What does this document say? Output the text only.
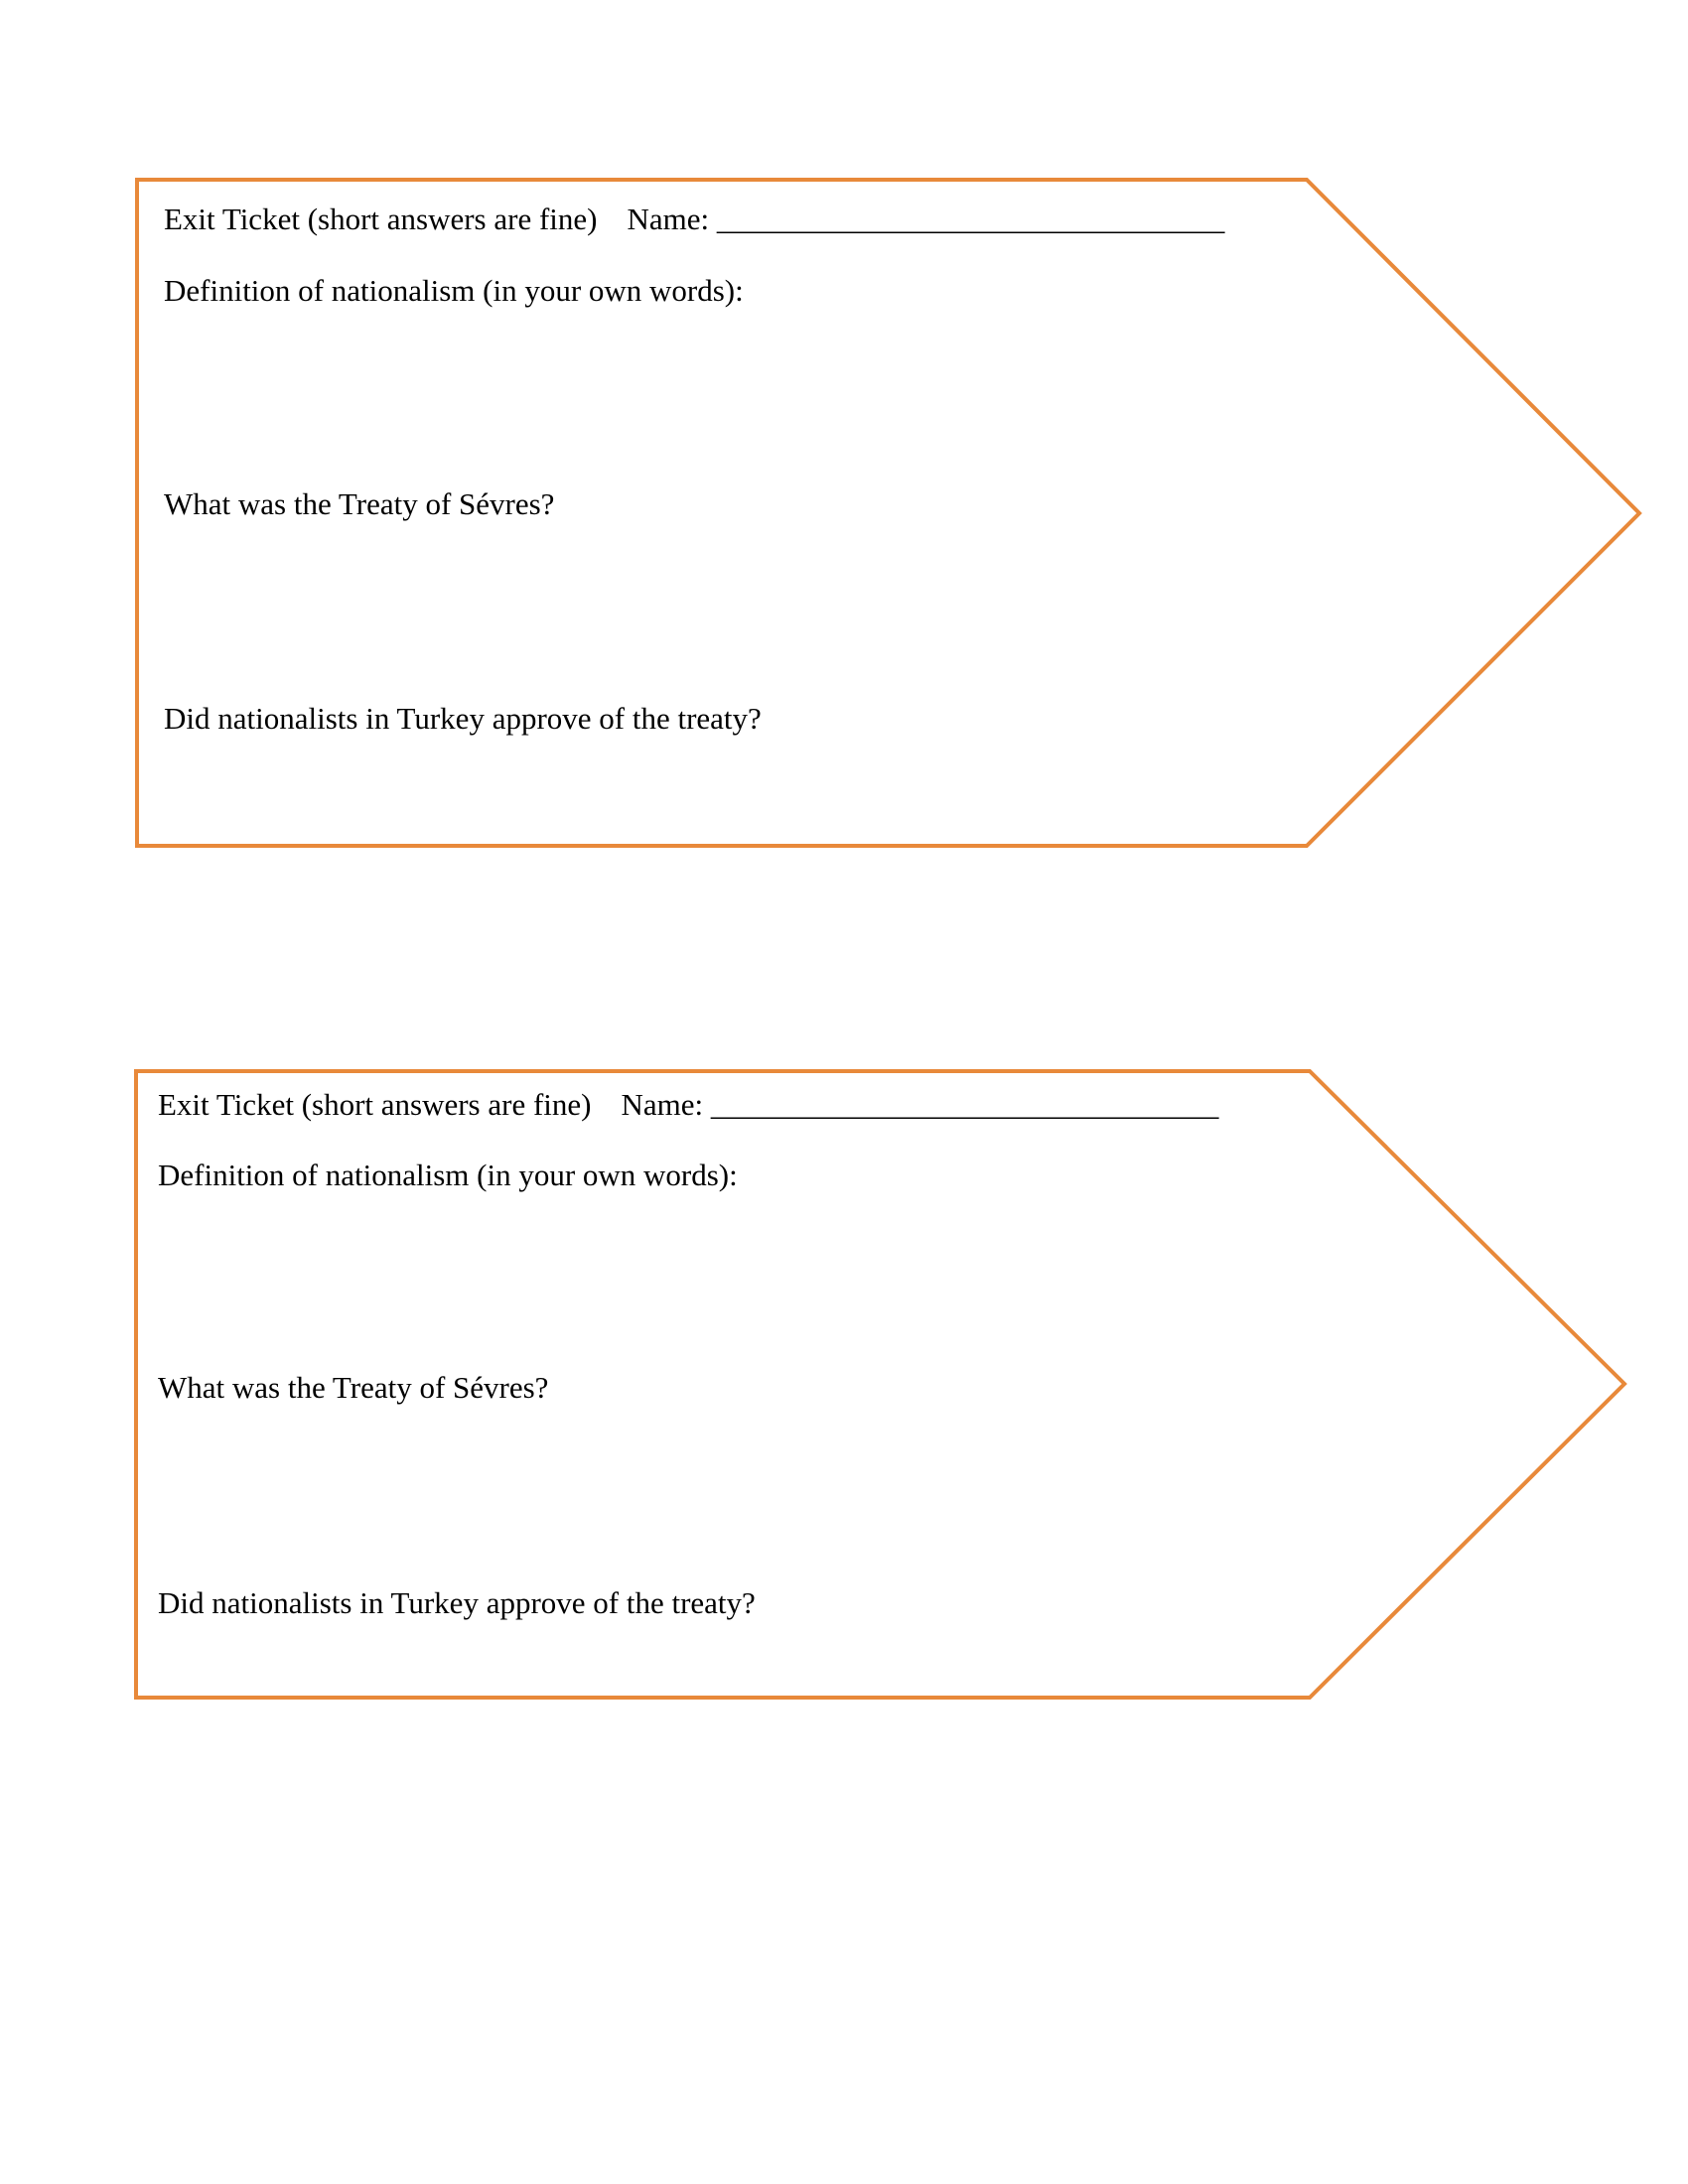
Exit Ticket (short answers are fine) Name: _________________________________
Definition of nationalism (in your own words):
What was the Treaty of Sévres?
Did nationalists in Turkey approve of the treaty?
Exit Ticket (short answers are fine) Name: _________________________________
Definition of nationalism (in your own words):
What was the Treaty of Sévres?
Did nationalists in Turkey approve of the treaty?
